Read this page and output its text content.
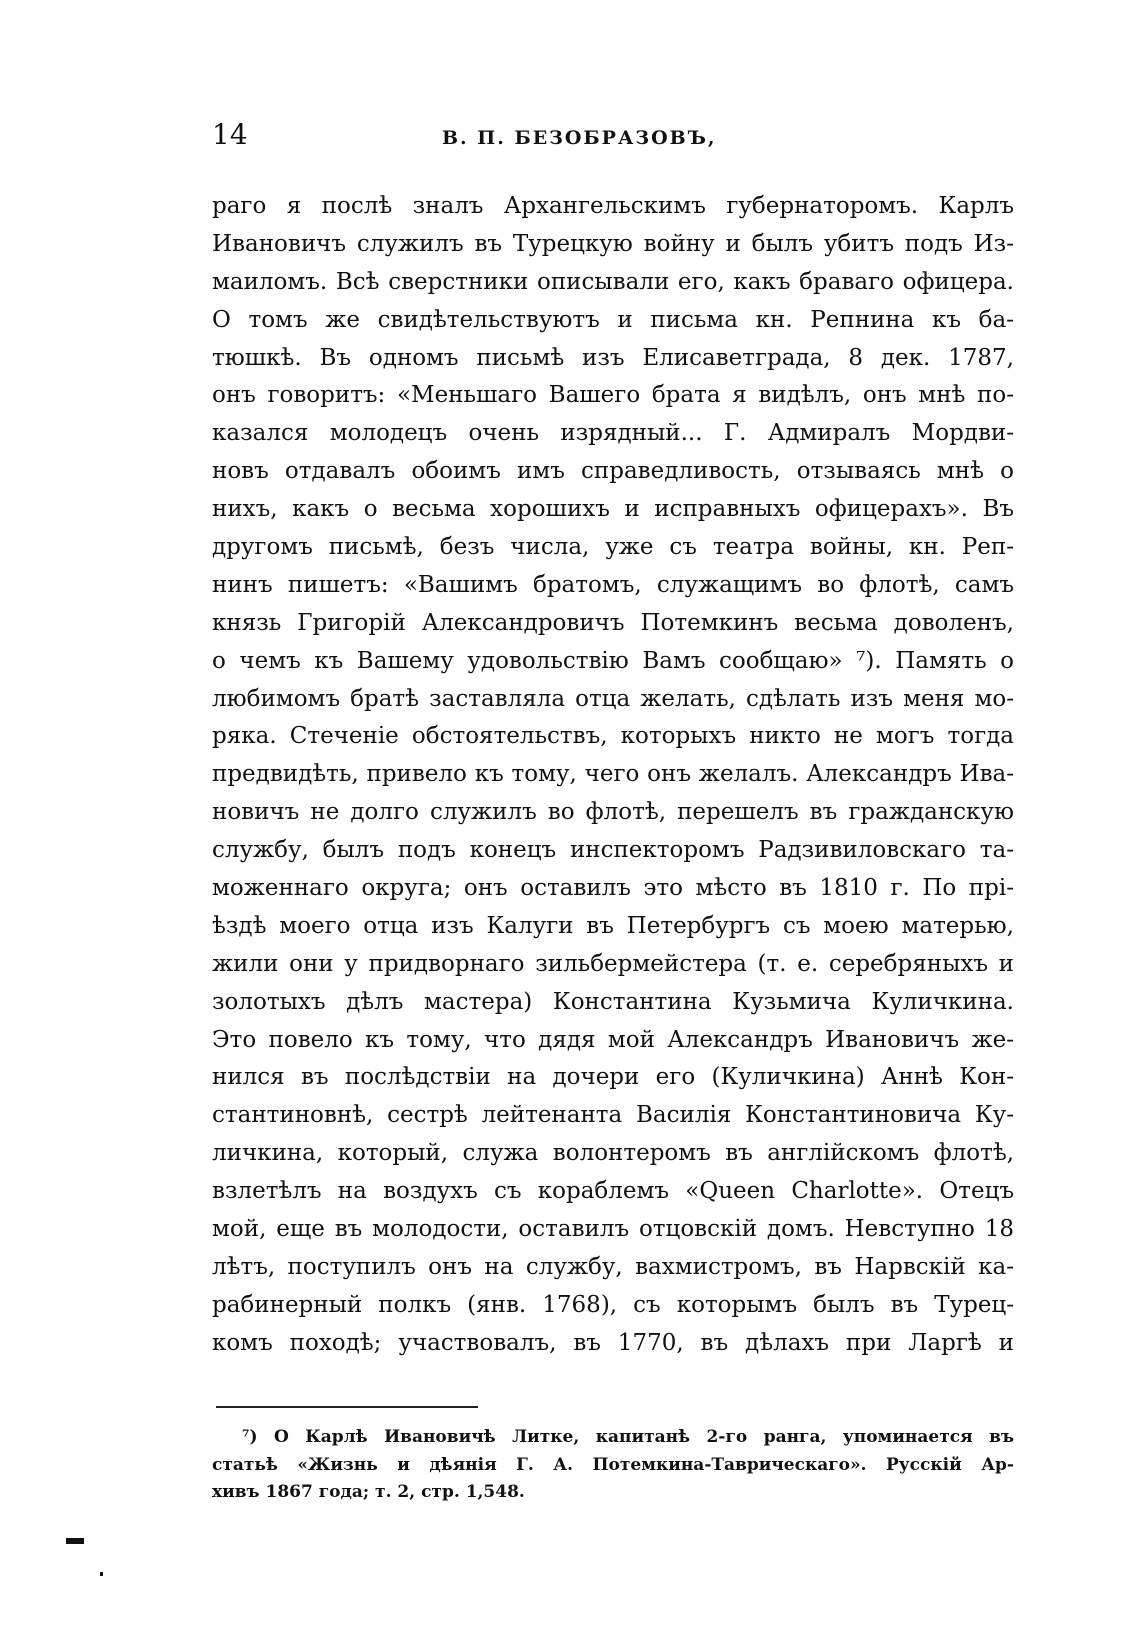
14	В. П. БЕЗОБРАЗОВЪ,
раго я послѣ зналъ Архангельскимъ губернаторомъ. Карлъ
Ивановичъ служилъ въ Турецкую войну и былъ убитъ подъ Из-
маиломъ. Всѣ сверстники описывали его, какъ браваго офицера.
О томъ же свидѣтельствуютъ и письма кн. Репнина къ ба-
тюшкѣ. Въ одномъ письмѣ изъ Елисаветграда, 8 дек. 1787,
онъ говоритъ: «Меньшаго Вашего брата я видѣлъ, онъ мнѣ по-
казался молодецъ очень изрядный... Г. Адмиралъ Мордви-
новъ отдавалъ обоимъ имъ справедливость, отзываясь мнѣ о
нихъ, какъ о весьма хорошихъ и исправныхъ офицерахъ». Въ
другомъ письмѣ, безъ числа, уже съ театра войны, кн. Реп-
нинъ пишетъ: «Вашимъ братомъ, служащимъ во флотѣ, самъ
князь Григорій Александровичъ Потемкинъ весьма доволенъ,
о чемъ къ Вашему удовольствію Вамъ сообщаю» ⁷). Память о
любимомъ братѣ заставляла отца желать, сдѣлать изъ меня мо-
ряка. Стеченіе обстоятельствъ, которыхъ никто не могъ тогда
предвидѣть, привело къ тому, чего онъ желалъ. Александръ Ива-
новичъ не долго служилъ во флотѣ, перешелъ въ гражданскую
службу, былъ подъ конецъ инспекторомъ Радзивиловскаго та-
моженнаго округа; онъ оставилъ это мѣсто въ 1810 г. По прі-
ѣздѣ моего отца изъ Калуги въ Петербургъ съ моею матерью,
жили они у придворнаго зильбермейстера (т. е. серебряныхъ и
золотыхъ дѣлъ мастера) Константина Кузьмича Куличкина.
Это повело къ тому, что дядя мой Александръ Ивановичъ же-
нился въ послѣдствіи на дочери его (Куличкина) Аннѣ Кон-
стантиновнѣ, сестрѣ лейтенанта Василія Константиновича Ку-
личкина, который, служа волонтеромъ въ англійскомъ флотѣ,
взлетѣлъ на воздухъ съ кораблемъ «Queen Charlotte». Отецъ
мой, еще въ молодости, оставилъ отцовскій домъ. Невступно 18
лѣтъ, поступилъ онъ на службу, вахмистромъ, въ Нарвскій ка-
рабинерный полкъ (янв. 1768), съ которымъ былъ въ Турец-
комъ походѣ; участвовалъ, въ 1770, въ дѣлахъ при Ларгѣ и
⁷) О Карлѣ Ивановичѣ Литке, капитанѣ 2-го ранга, упоминается въ
статьѣ «Жизнь и дѣянія Г. А. Потемкина-Таврическаго». Русскій Ар-
хивъ 1867 года; т. 2, стр. 1,548.
